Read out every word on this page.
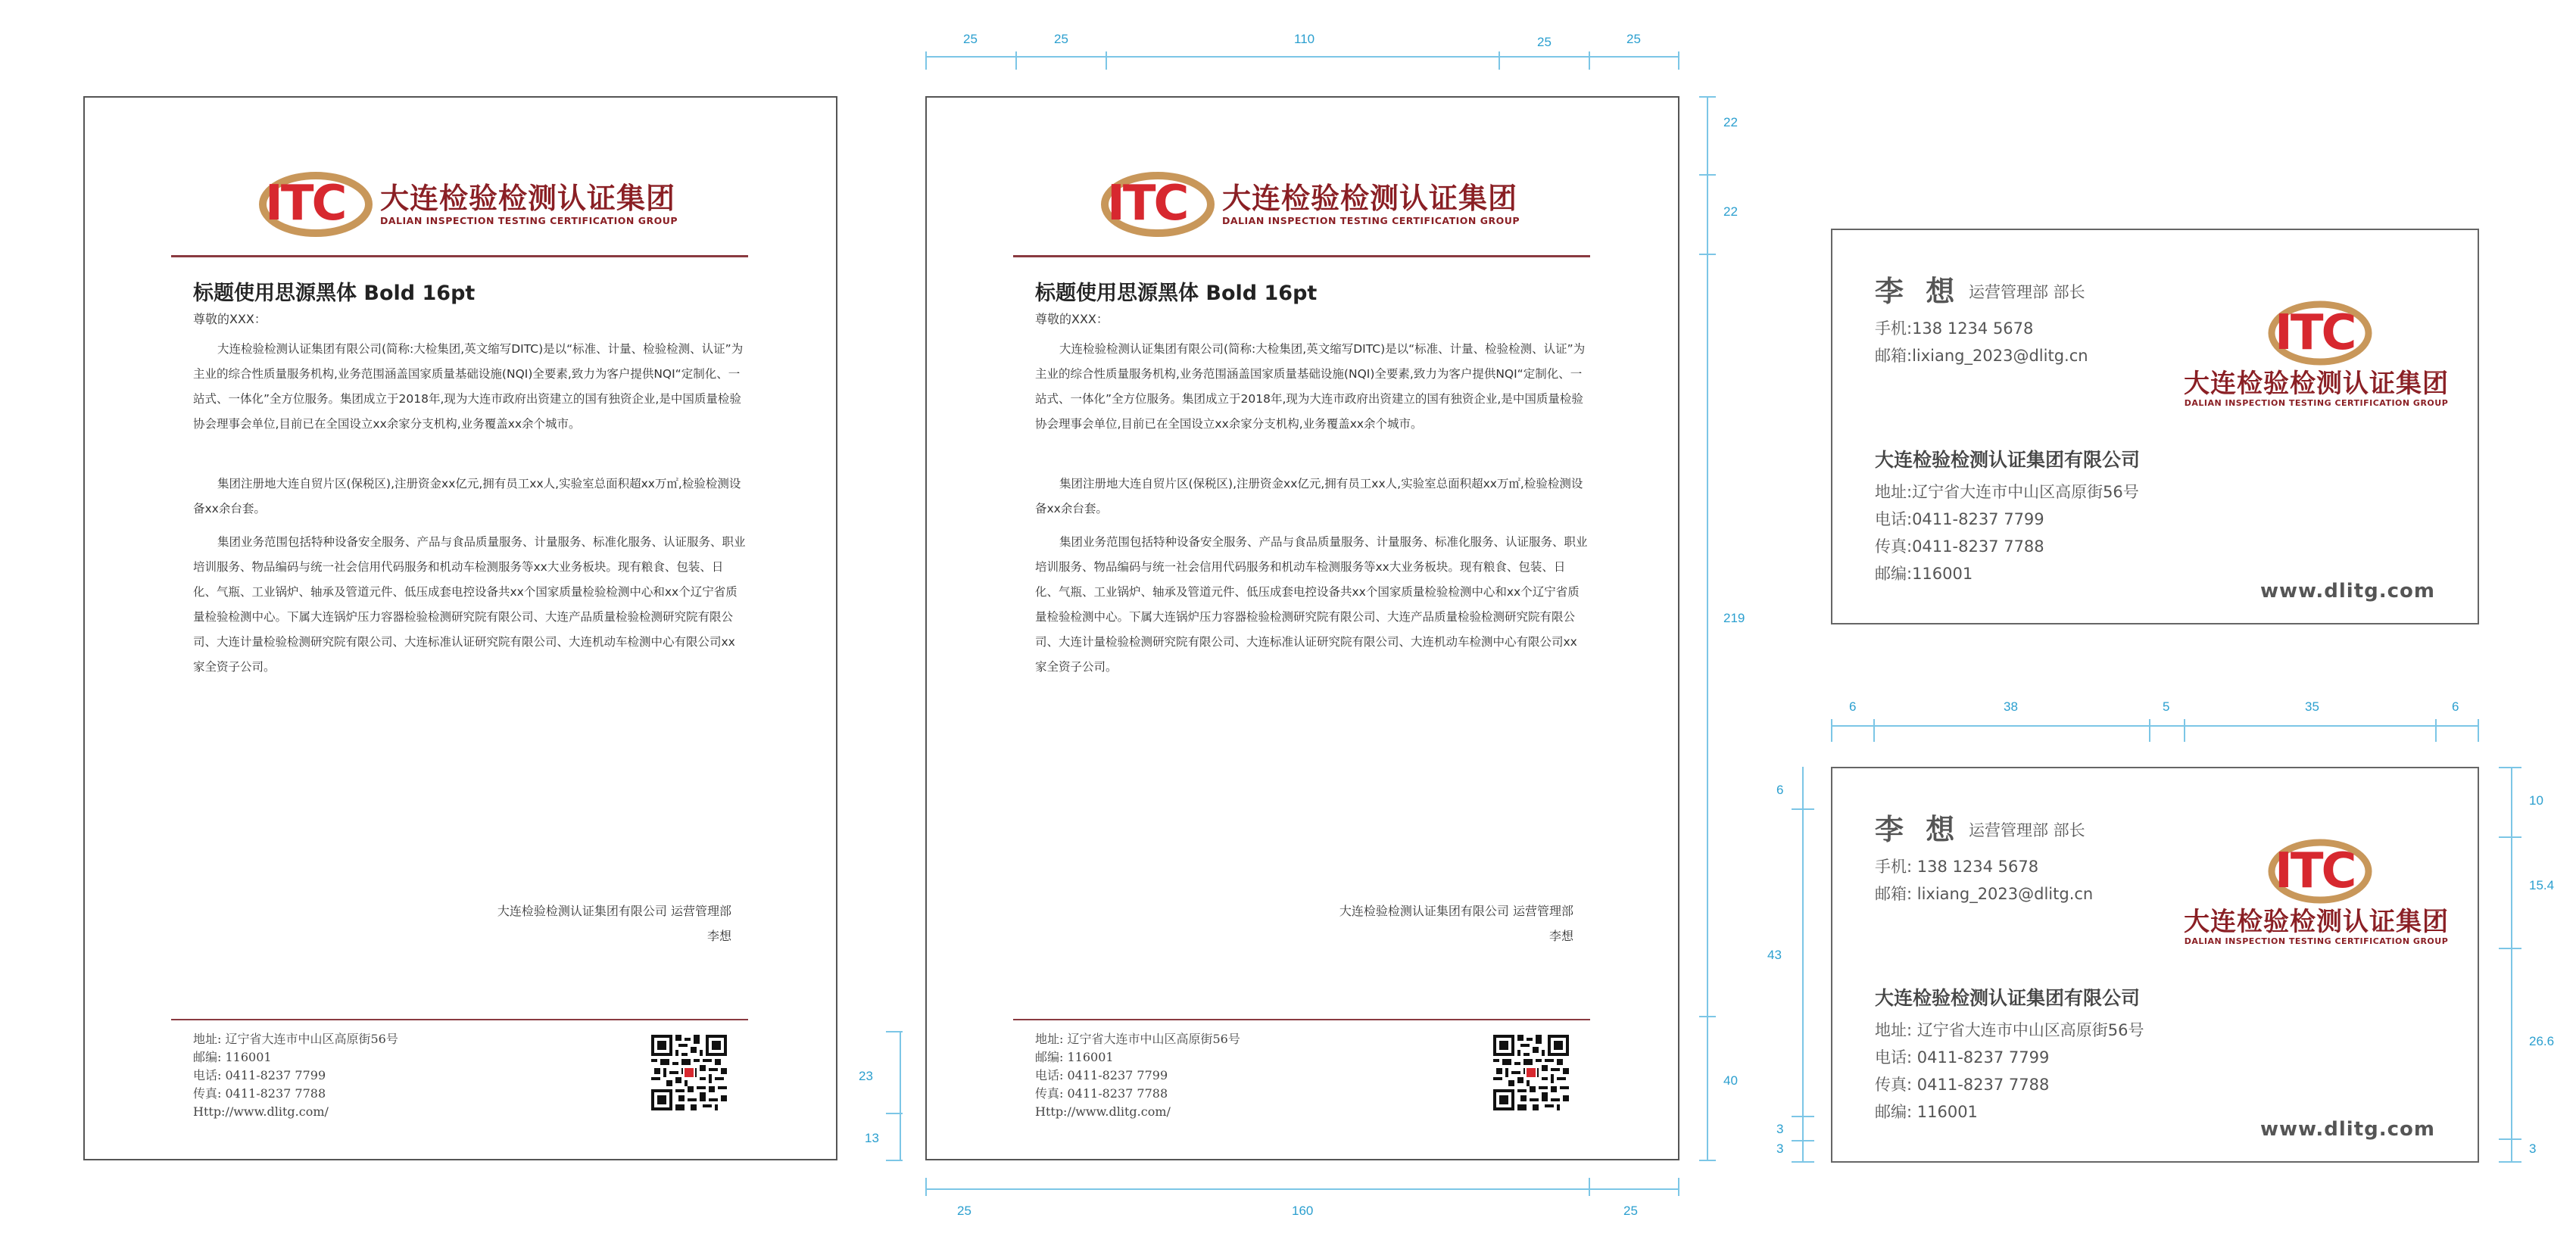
ITC 大连检验检测认证集团
DALIAN INSPECTION TESTING CERTIFICATION GROUP
标题使用思源黑体 Bold 16pt
尊敬的XXX：
大连检验检测认证集团有限公司(简称:大检集团,英文缩写DITC)是以“标准、计量、检验检测、认证”为主业的综合性质量服务机构,业务范围涵盖国家质量基础设施(NQI)全要素,致力为客户提供NQI“定制化、一站式、一体化”全方位服务。集团成立于2018年,现为大连市政府出资建立的国有独资企业,是中国质量检验协会理事会单位,目前已在全国设立xx余家分支机构,业务覆盖xx余个城市。
集团注册地大连自贸片区(保税区),注册资金xx亿元,拥有员工xx人,实验室总面积超xx万㎡,检验检测设备xx余台套。
集团业务范围包括特种设备安全服务、产品与食品质量服务、计量服务、标准化服务、认证服务、职业培训服务、物品编码与统一社会信用代码服务和机动车检测服务等xx大业务板块。现有粮食、包装、日化、气瓶、工业锅炉、轴承及管道元件、低压成套电控设备共xx个国家质量检验检测中心和xx个辽宁省质量检验检测中心。下属大连锅炉压力容器检验检测研究院有限公司、大连产品质量检验检测研究院有限公司、大连计量检验检测研究院有限公司、大连标准认证研究院有限公司、大连机动车检测中心有限公司xx家全资子公司。
大连检验检测认证集团有限公司 运营管理部
李想
地址: 辽宁省大连市中山区高原街56号
邮编: 116001
电话: 0411-8237 7799
传真: 0411-8237 7788
Http://www.dlitg.com/
ITC 大连检验检测认证集团
DALIAN INSPECTION TESTING CERTIFICATION GROUP
标题使用思源黑体 Bold 16pt
尊敬的XXX：
大连检验检测认证集团有限公司(简称:大检集团,英文缩写DITC)是以“标准、计量、检验检测、认证”为主业的综合性质量服务机构,业务范围涵盖国家质量基础设施(NQI)全要素,致力为客户提供NQI“定制化、一站式、一体化”全方位服务。集团成立于2018年,现为大连市政府出资建立的国有独资企业,是中国质量检验协会理事会单位,目前已在全国设立xx余家分支机构,业务覆盖xx余个城市。
集团注册地大连自贸片区(保税区),注册资金xx亿元,拥有员工xx人,实验室总面积超xx万㎡,检验检测设备xx余台套。
集团业务范围包括特种设备安全服务、产品与食品质量服务、计量服务、标准化服务、认证服务、职业培训服务、物品编码与统一社会信用代码服务和机动车检测服务等xx大业务板块。现有粮食、包装、日化、气瓶、工业锅炉、轴承及管道元件、低压成套电控设备共xx个国家质量检验检测中心和xx个辽宁省质量检验检测中心。下属大连锅炉压力容器检验检测研究院有限公司、大连产品质量检验检测研究院有限公司、大连计量检验检测研究院有限公司、大连标准认证研究院有限公司、大连机动车检测中心有限公司xx家全资子公司。
大连检验检测认证集团有限公司 运营管理部
李想
地址: 辽宁省大连市中山区高原街56号
邮编: 116001
电话: 0411-8237 7799
传真: 0411-8237 7788
Http://www.dlitg.com/
25	25	110	25	25
22
22
219
40
23
13
25	160	25
李 想 运营管理部 部长
手机:138 1234 5678
邮箱:lixiang_2023@dlitg.cn	ITC
大连检验检测认证集团
DALIAN INSPECTION TESTING CERTIFICATION GROUP
大连检验检测认证集团有限公司
地址:辽宁省大连市中山区高原街56号
电话:0411-8237 7799
传真:0411-8237 7788
邮编:116001
www.dlitg.com
6	38	5	35	6
李 想 运营管理部 部长
手机: 138 1234 5678
邮箱: lixiang_2023@dlitg.cn	ITC
大连检验检测认证集团
DALIAN INSPECTION TESTING CERTIFICATION GROUP
大连检验检测认证集团有限公司
地址: 辽宁省大连市中山区高原街56号
电话: 0411-8237 7799
传真: 0411-8237 7788
邮编: 116001
www.dlitg.com
6
43
3
3
10
15.4
26.6
3
